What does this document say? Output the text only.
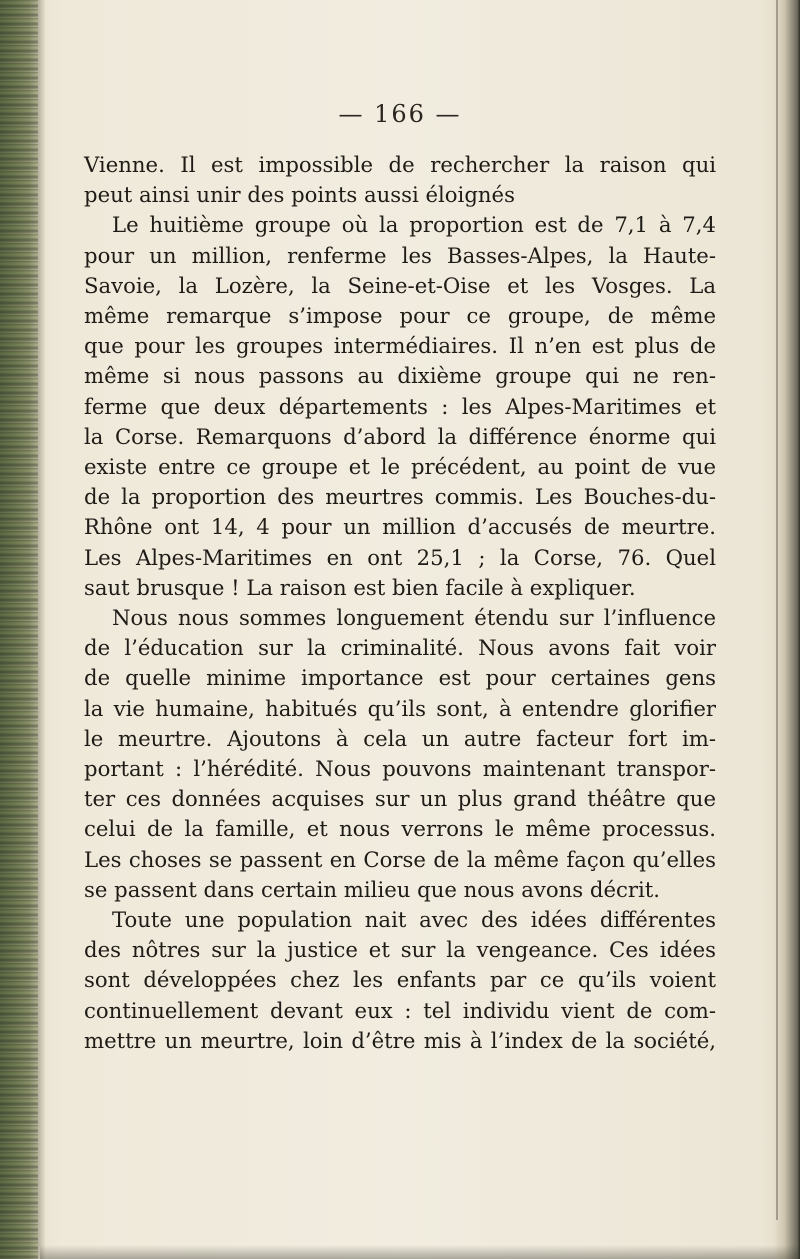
— 166 —
Vienne. Il est impossible de rechercher la raison qui
peut ainsi unir des points aussi éloignés
Le huitième groupe où la proportion est de 7,1 à 7,4
pour un million, renferme les Basses-Alpes, la Haute-
Savoie, la Lozère, la Seine-et-Oise et les Vosges. La
même remarque s’impose pour ce groupe, de même
que pour les groupes intermédiaires. Il n’en est plus de
même si nous passons au dixième groupe qui ne ren-
ferme que deux départements : les Alpes-Maritimes et
la Corse. Remarquons d’abord la différence énorme qui
existe entre ce groupe et le précédent, au point de vue
de la proportion des meurtres commis. Les Bouches-du-
Rhône ont 14, 4 pour un million d’accusés de meurtre.
Les Alpes-Maritimes en ont 25,1 ; la Corse, 76. Quel
saut brusque ! La raison est bien facile à expliquer.
Nous nous sommes longuement étendu sur l’influence
de l’éducation sur la criminalité. Nous avons fait voir
de quelle minime importance est pour certaines gens
la vie humaine, habitués qu’ils sont, à entendre glorifier
le meurtre. Ajoutons à cela un autre facteur fort im-
portant : l’hérédité. Nous pouvons maintenant transpor-
ter ces données acquises sur un plus grand théâtre que
celui de la famille, et nous verrons le même processus.
Les choses se passent en Corse de la même façon qu’elles
se passent dans certain milieu que nous avons décrit.
Toute une population nait avec des idées différentes
des nôtres sur la justice et sur la vengeance. Ces idées
sont développées chez les enfants par ce qu’ils voient
continuellement devant eux : tel individu vient de com-
mettre un meurtre, loin d’être mis à l’index de la société,
